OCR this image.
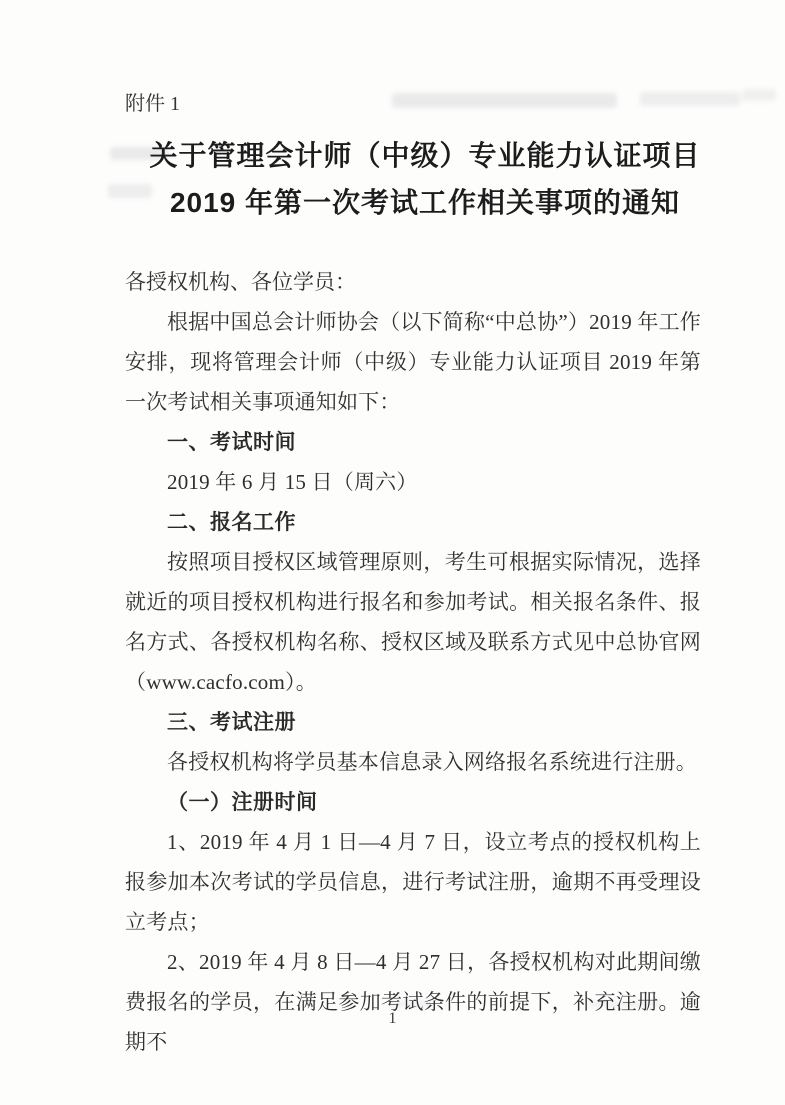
附件 1
关于管理会计师（中级）专业能力认证项目
2019 年第一次考试工作相关事项的通知

各授权机构、各位学员：

根据中国总会计师协会（以下简称“中总协”）2019 年工作安排，现将管理会计师（中级）专业能力认证项目 2019 年第一次考试相关事项通知如下：

一、考试时间

2019 年 6 月 15 日（周六）

二、报名工作

按照项目授权区域管理原则，考生可根据实际情况，选择就近的项目授权机构进行报名和参加考试。相关报名条件、报名方式、各授权机构名称、授权区域及联系方式见中总协官网（www.cacfo.com）。

三、考试注册

各授权机构将学员基本信息录入网络报名系统进行注册。

（一）注册时间

1、2019 年 4 月 1 日—4 月 7 日，设立考点的授权机构上报参加本次考试的学员信息，进行考试注册，逾期不再受理设立考点；

2、2019 年 4 月 8 日—4 月 27 日，各授权机构对此期间缴费报名的学员，在满足参加考试条件的前提下，补充注册。逾期不

1
